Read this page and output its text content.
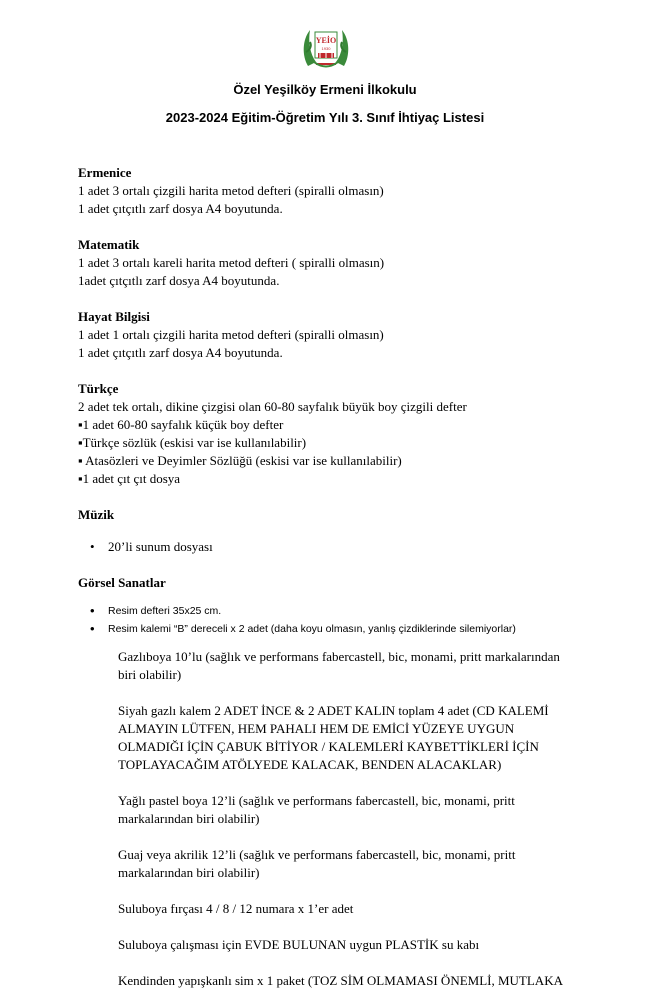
YEİO
1930
Özel Yeşilköy Ermeni İlkokulu
2023-2024 Eğitim-Öğretim Yılı 3. Sınıf İhtiyaç Listesi
Ermenice
1 adet 3 ortalı çizgili harita metod defteri (spiralli olmasın)
1 adet çıtçıtlı zarf dosya A4 boyutunda.
Matematik
1 adet 3 ortalı kareli harita metod defteri ( spiralli olmasın)
1adet çıtçıtlı zarf dosya A4 boyutunda.
Hayat Bilgisi
1 adet 1 ortalı çizgili harita metod defteri (spiralli olmasın)
1 adet çıtçıtlı zarf dosya A4 boyutunda.
Türkçe
2 adet tek ortalı, dikine çizgisi olan 60-80 sayfalık büyük boy çizgili defter
▪1 adet 60-80 sayfalık küçük boy defter
▪Türkçe sözlük (eskisi var ise kullanılabilir)
▪ Atasözleri ve Deyimler Sözlüğü (eskisi var ise kullanılabilir)
▪1 adet çıt çıt dosya
Müzik
• 20’li sunum dosyası
Görsel Sanatlar
• Resim defteri 35x25 cm.
• Resim kalemi “B” dereceli x 2 adet (daha koyu olmasın, yanlış çizdiklerinde silemiyorlar)
Gazlıboya 10’lu (sağlık ve performans fabercastell, bic, monami, pritt markalarından biri olabilir)
Siyah gazlı kalem 2 ADET İNCE & 2 ADET KALIN toplam 4 adet (CD KALEMİ ALMAYIN LÜTFEN, HEM PAHALI HEM DE EMİCİ YÜZEYE UYGUN OLMADIĞI İÇİN ÇABUK BİTİYOR / KALEMLERİ KAYBETTİKLERİ İÇİN TOPLAYACAĞIM ATÖLYEDE KALACAK, BENDEN ALACAKLAR)
Yağlı pastel boya 12’li (sağlık ve performans fabercastell, bic, monami, pritt markalarından biri olabilir)
Guaj veya akrilik 12’li (sağlık ve performans fabercastell, bic, monami, pritt markalarından biri olabilir)
Suluboya fırçası 4 / 8 / 12 numara x 1’er adet
Suluboya çalışması için EVDE BULUNAN uygun PLASTİK su kabı
Kendinden yapışkanlı sim x 1 paket (TOZ SİM OLMAMASI ÖNEMLİ, MUTLAKA
